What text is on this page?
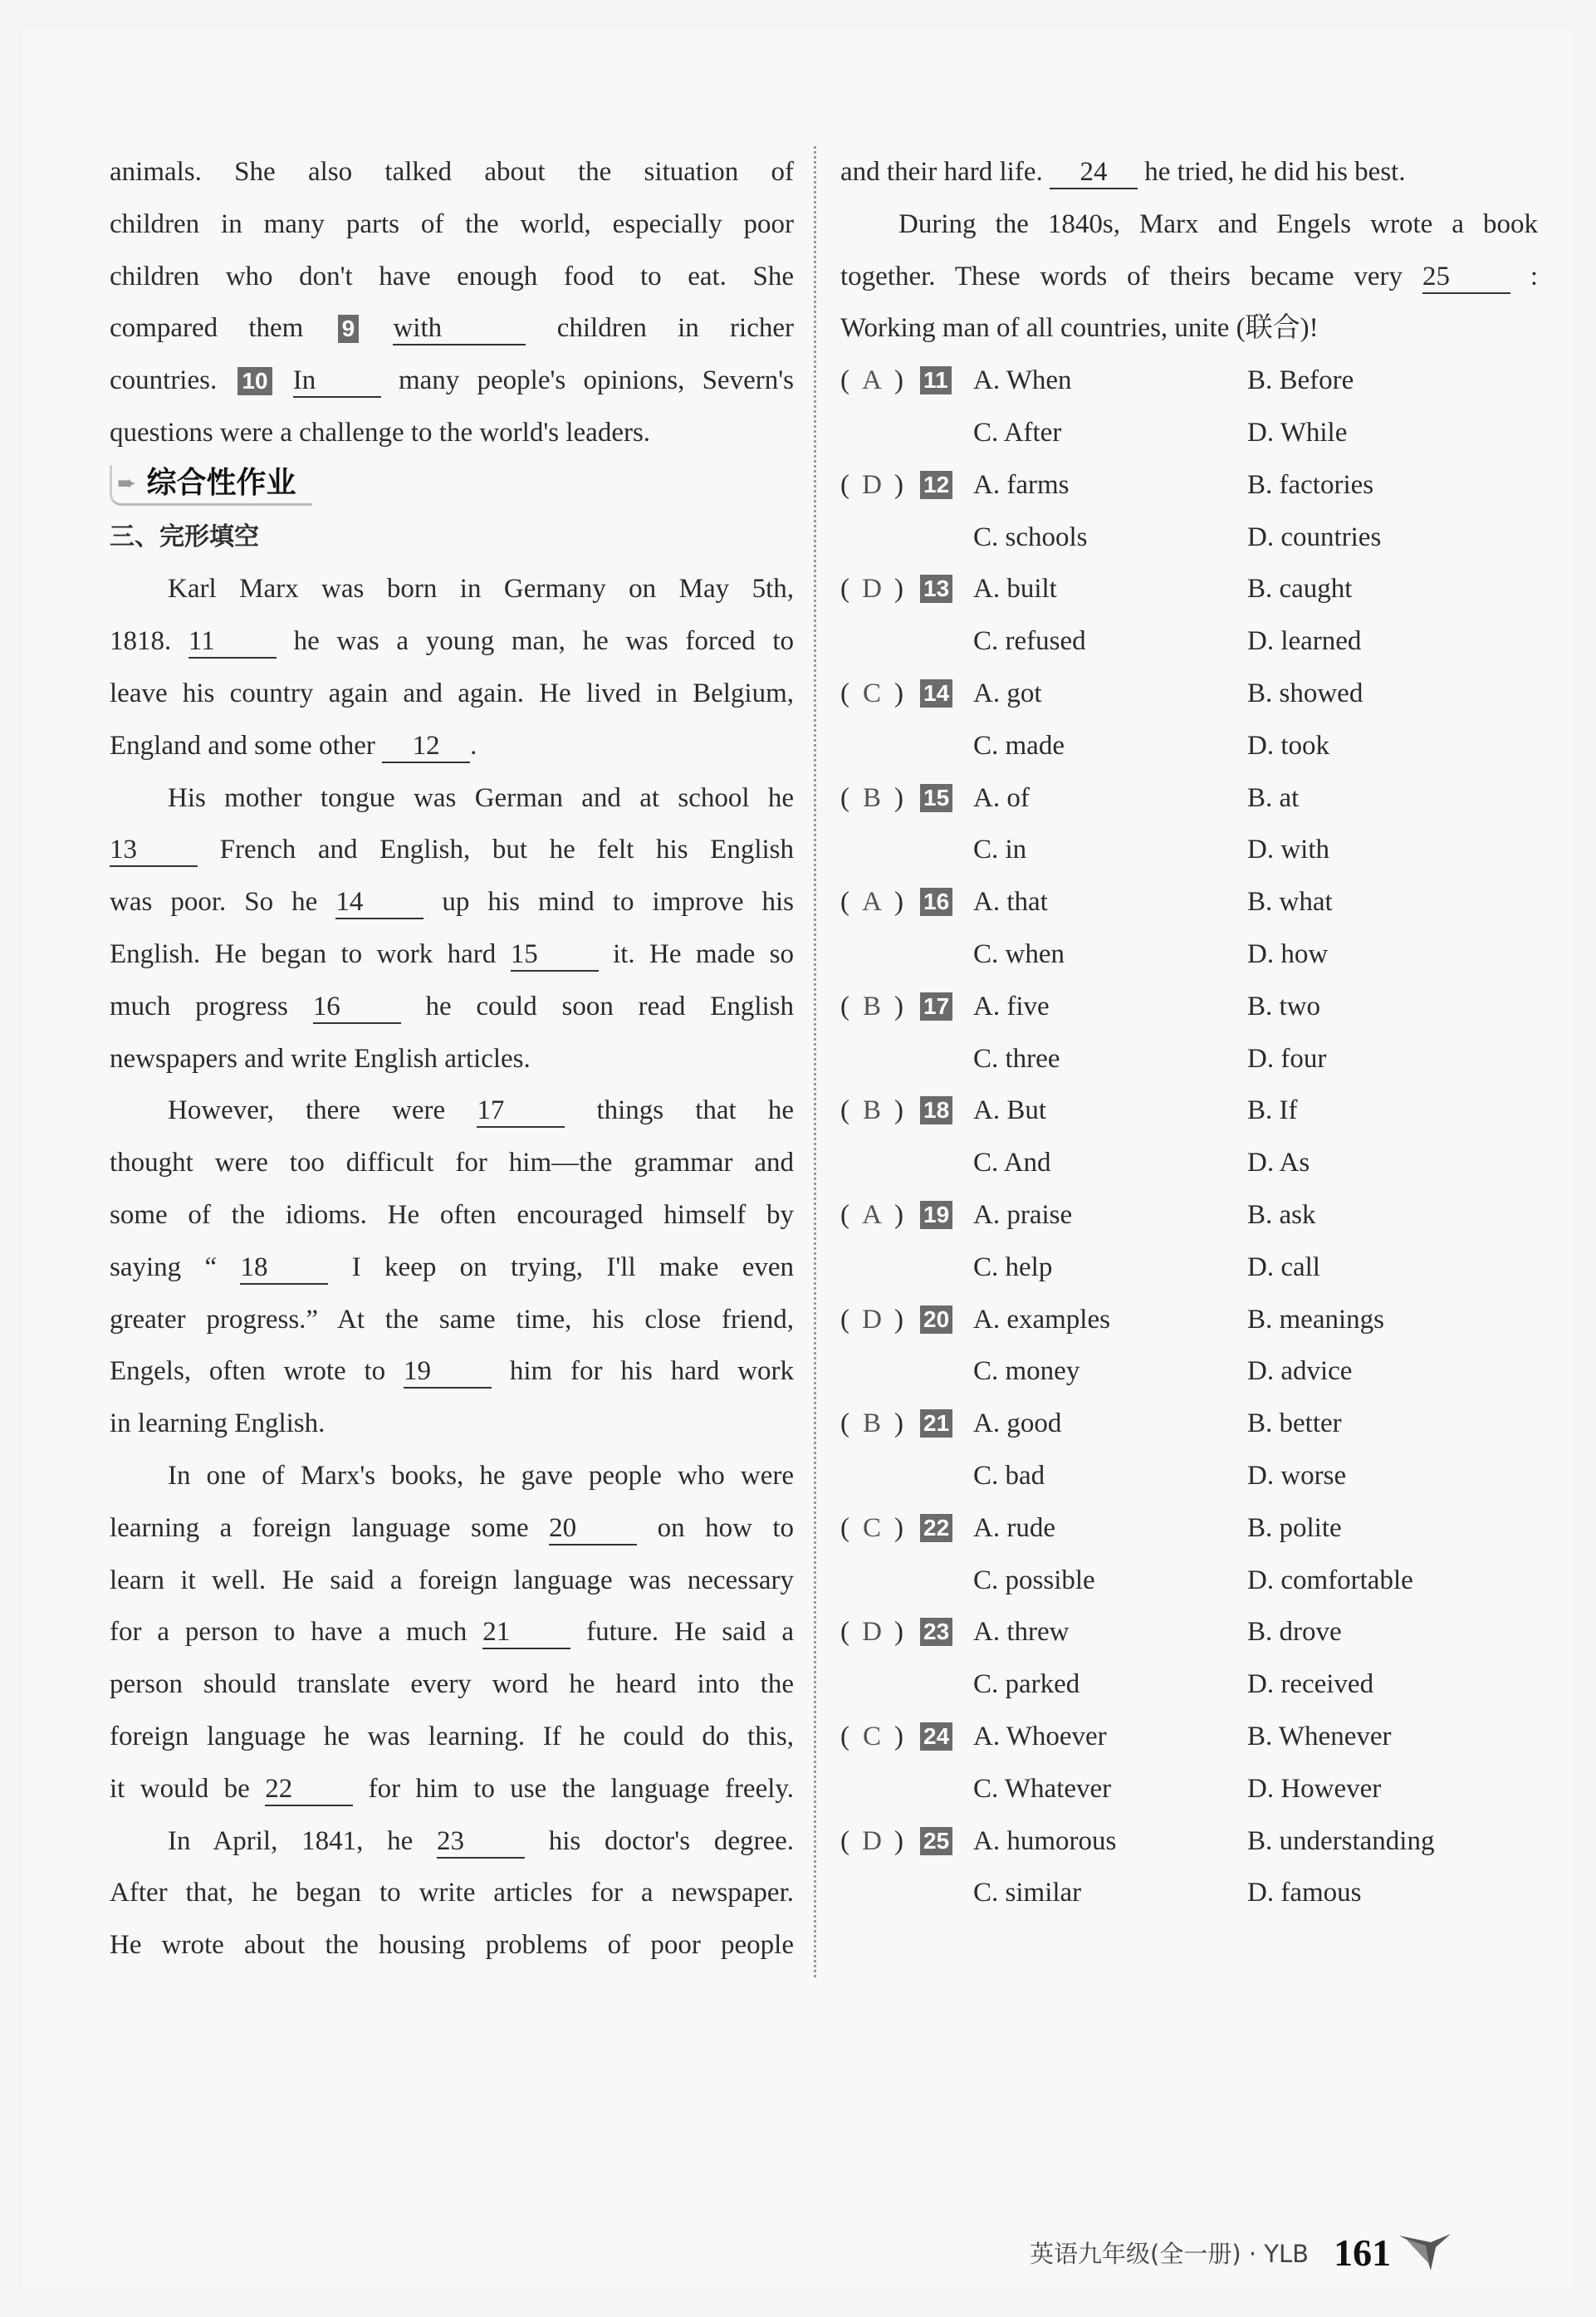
animals. She also talked about the situation of
children in many parts of the world, especially poor
children who don't have enough food to eat. She
compared them 9 with	children in richer
countries. 10 In	many people's opinions, Severn's
questions were a challenge to the world's leaders.
➨ 综合性作业
三、完形填空
Karl Marx was born in Germany on May 5th,
1818. 11	he was a young man, he was forced to
leave his country again and again. He lived in Belgium,
England and some other 12 .
His mother tongue was German and at school he
13	French and English, but he felt his English
was poor. So he 14	up his mind to improve his
English. He began to work hard 15	it. He made so
much progress 16	he could soon read English
newspapers and write English articles.
However, there were 17	things that he
thought were too difficult for him—the grammar and
some of the idioms. He often encouraged himself by
saying “ 18	I keep on trying, I'll make even
greater progress.” At the same time, his close friend,
Engels, often wrote to 19	him for his hard work
in learning English.
In one of Marx's books, he gave people who were
learning a foreign language some 20	on how to
learn it well. He said a foreign language was necessary
for a person to have a much 21	future. He said a
person should translate every word he heard into the
foreign language he was learning. If he could do this,
it would be 22	for him to use the language freely.
In April, 1841, he 23	his doctor's degree.
After that, he began to write articles for a newspaper.
He wrote about the housing problems of poor people
and their hard life. 24 he tried, he did his best.
During the 1840s, Marx and Engels wrote a book
together. These words of theirs became very 25	:
Working man of all countries, unite (联合)!
( A ) 11 A. When	B. Before
C. After	D. While
( D ) 12 A. farms	B. factories
C. schools	D. countries
( D ) 13 A. built	B. caught
C. refused	D. learned
( C ) 14 A. got	B. showed
C. made	D. took
( B ) 15 A. of	B. at
C. in	D. with
( A ) 16 A. that	B. what
C. when	D. how
( B ) 17 A. five	B. two
C. three	D. four
( B ) 18 A. But	B. If
C. And	D. As
( A ) 19 A. praise	B. ask
C. help	D. call
( D ) 20 A. examples	B. meanings
C. money	D. advice
( B ) 21 A. good	B. better
C. bad	D. worse
( C ) 22 A. rude	B. polite
C. possible	D. comfortable
( D ) 23 A. threw	B. drove
C. parked	D. received
( C ) 24 A. Whoever	B. Whenever
C. Whatever	D. However
( D ) 25 A. humorous	B. understanding
C. similar	D. famous
英语九年级(全一册) · YLB 161
